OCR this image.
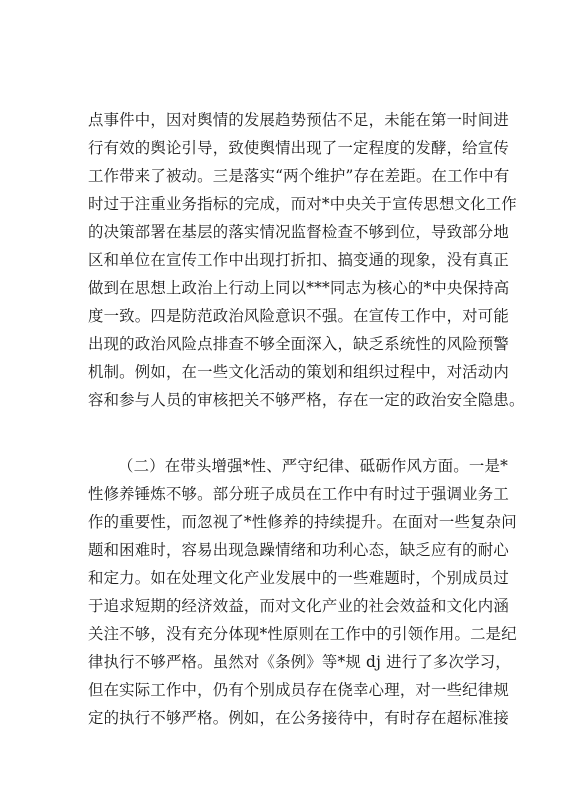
点事件中，因对舆情的发展趋势预估不足，未能在第一时间进
行有效的舆论引导，致使舆情出现了一定程度的发酵，给宣传
工作带来了被动。三是落实“两个维护”存在差距。在工作中有
时过于注重业务指标的完成，而对*中央关于宣传思想文化工作
的决策部署在基层的落实情况监督检查不够到位，导致部分地
区和单位在宣传工作中出现打折扣、搞变通的现象，没有真正
做到在思想上政治上行动上同以***同志为核心的*中央保持高
度一致。四是防范政治风险意识不强。在宣传工作中，对可能
出现的政治风险点排查不够全面深入，缺乏系统性的风险预警
机制。例如，在一些文化活动的策划和组织过程中，对活动内
容和参与人员的审核把关不够严格，存在一定的政治安全隐患。
（二）在带头增强*性、严守纪律、砥砺作风方面。一是*
性修养锤炼不够。部分班子成员在工作中有时过于强调业务工
作的重要性，而忽视了*性修养的持续提升。在面对一些复杂问
题和困难时，容易出现急躁情绪和功利心态，缺乏应有的耐心
和定力。如在处理文化产业发展中的一些难题时，个别成员过
于追求短期的经济效益，而对文化产业的社会效益和文化内涵
关注不够，没有充分体现*性原则在工作中的引领作用。二是纪
律执行不够严格。虽然对《条例》等*规 dj 进行了多次学习，
但在实际工作中，仍有个别成员存在侥幸心理，对一些纪律规
定的执行不够严格。例如，在公务接待中，有时存在超标准接
